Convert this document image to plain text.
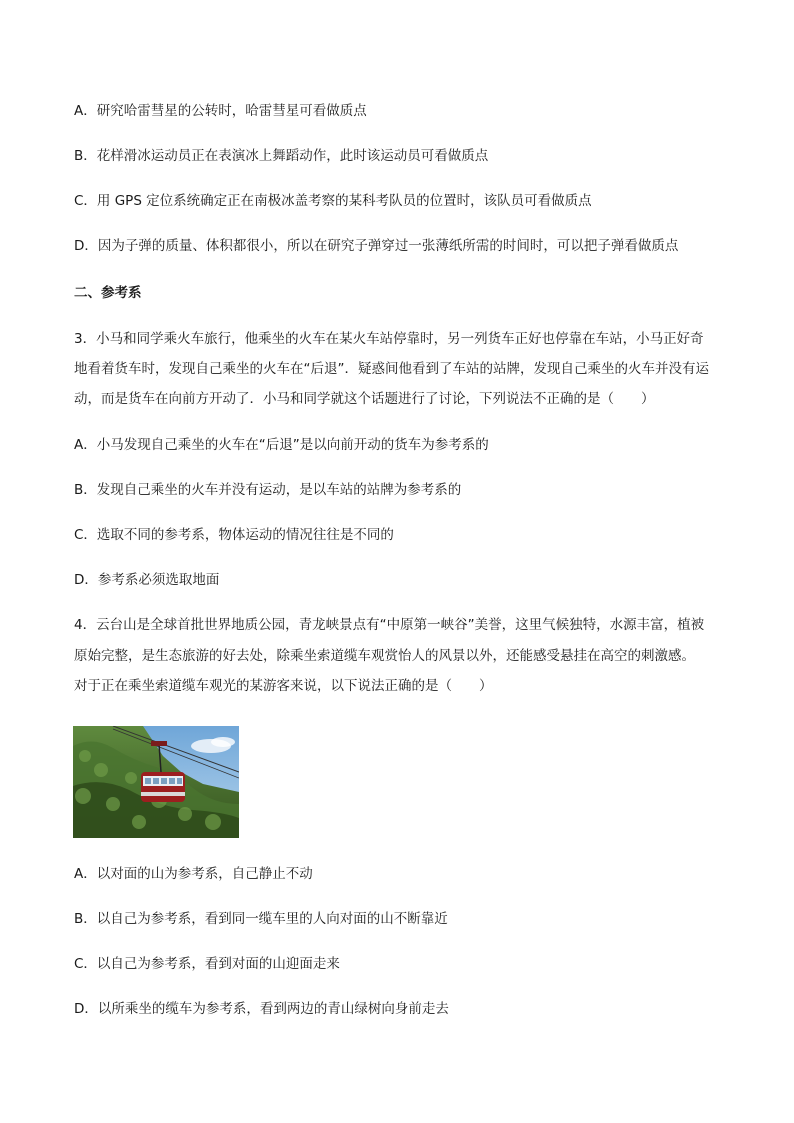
A．研究哈雷彗星的公转时，哈雷彗星可看做质点

B．花样滑冰运动员正在表演冰上舞蹈动作，此时该运动员可看做质点

C．用 GPS 定位系统确定正在南极冰盖考察的某科考队员的位置时，该队员可看做质点

D．因为子弹的质量、体积都很小，所以在研究子弹穿过一张薄纸所需的时间时，可以把子弹看做质点

二、参考系

3．小马和同学乘火车旅行，他乘坐的火车在某火车站停靠时，另一列货车正好也停靠在车站，小马正好奇

地看着货车时，发现自己乘坐的火车在“后退”．疑惑间他看到了车站的站牌，发现自己乘坐的火车并没有运

动，而是货车在向前方开动了．小马和同学就这个话题进行了讨论，下列说法不正确的是（　　）

A．小马发现自己乘坐的火车在“后退”是以向前开动的货车为参考系的

B．发现自己乘坐的火车并没有运动，是以车站的站牌为参考系的

C．选取不同的参考系，物体运动的情况往往是不同的

D．参考系必须选取地面

4．云台山是全球首批世界地质公园，青龙峡景点有“中原第一峡谷”美誉，这里气候独特，水源丰富，植被

原始完整，是生态旅游的好去处，除乘坐索道缆车观赏怡人的风景以外，还能感受悬挂在高空的刺激感。

对于正在乘坐索道缆车观光的某游客来说，以下说法正确的是（　　）

A．以对面的山为参考系，自己静止不动

B．以自己为参考系，看到同一缆车里的人向对面的山不断靠近

C．以自己为参考系，看到对面的山迎面走来

D．以所乘坐的缆车为参考系，看到两边的青山绿树向身前走去
